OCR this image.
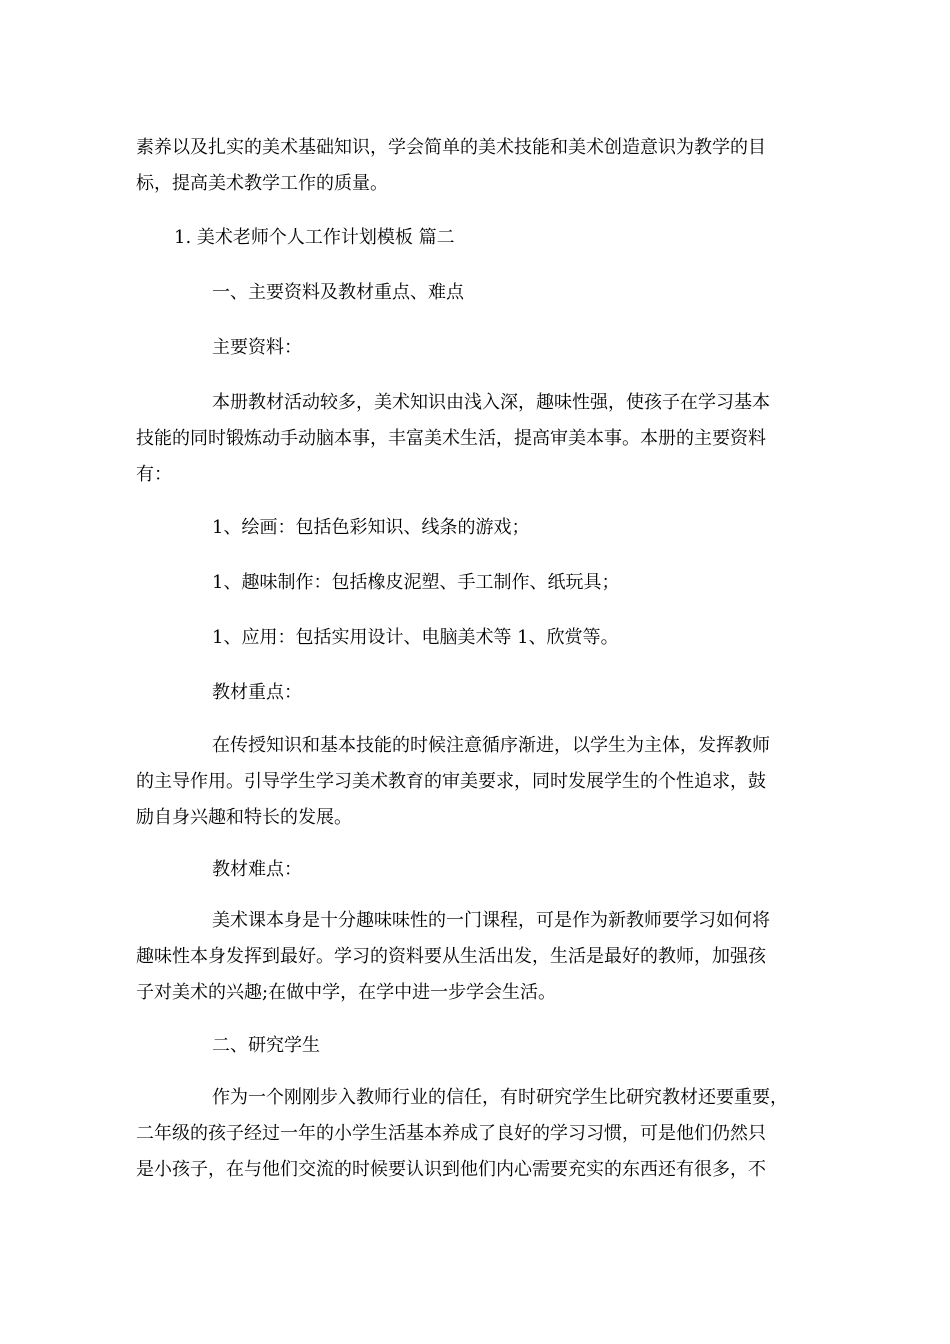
素养以及扎实的美术基础知识，学会简单的美术技能和美术创造意识为教学的目
标，提高美术教学工作的质量。
1. 美术老师个人工作计划模板 篇二
一、主要资料及教材重点、难点
主要资料：
本册教材活动较多，美术知识由浅入深，趣味性强，使孩子在学习基本
技能的同时锻炼动手动脑本事，丰富美术生活，提高审美本事。本册的主要资料
有：
1、绘画：包括色彩知识、线条的游戏；
1、趣味制作：包括橡皮泥塑、手工制作、纸玩具；
1、应用：包括实用设计、电脑美术等 1、欣赏等。
教材重点：
在传授知识和基本技能的时候注意循序渐进，以学生为主体，发挥教师
的主导作用。引导学生学习美术教育的审美要求，同时发展学生的个性追求，鼓
励自身兴趣和特长的发展。
教材难点：
美术课本身是十分趣味味性的一门课程，可是作为新教师要学习如何将
趣味性本身发挥到最好。学习的资料要从生活出发，生活是最好的教师，加强孩
子对美术的兴趣;在做中学，在学中进一步学会生活。
二、研究学生
作为一个刚刚步入教师行业的信任，有时研究学生比研究教材还要重要，
二年级的孩子经过一年的小学生活基本养成了良好的学习习惯，可是他们仍然只
是小孩子，在与他们交流的时候要认识到他们内心需要充实的东西还有很多，不
